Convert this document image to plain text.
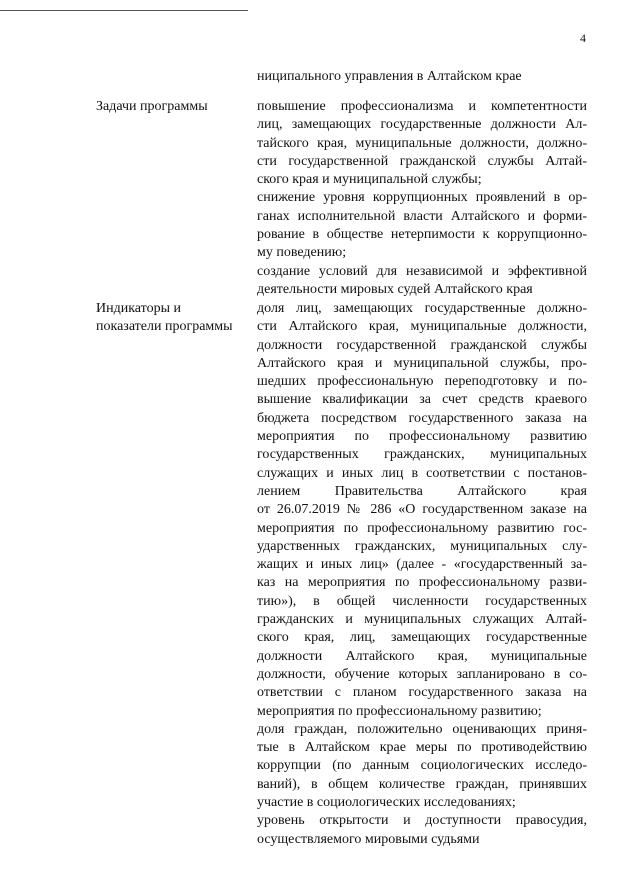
4
ниципального управления в Алтайском крае
Задачи программы	повышение профессионализма и компетентности
лиц, замещающих государственные должности Ал-
тайского края, муниципальные должности, должно-
сти государственной гражданской службы Алтай-
ского края и муниципальной службы;
снижение уровня коррупционных проявлений в ор-
ганах исполнительной власти Алтайского и форми-
рование в обществе нетерпимости к коррупционно-
му поведению;
создание условий для независимой и эффективной
деятельности мировых судей Алтайского края
Индикаторы и
показатели программы
доля лиц, замещающих государственные должно-
сти Алтайского края, муниципальные должности,
должности государственной гражданской службы
Алтайского края и муниципальной службы, про-
шедших профессиональную переподготовку и по-
вышение квалификации за счет средств краевого
бюджета посредством государственного заказа на
мероприятия по профессиональному развитию
государственных гражданских, муниципальных
служащих и иных лиц в соответствии с постанов-
лением Правительства Алтайского края
от 26.07.2019 № 286 «О государственном заказе на
мероприятия по профессиональному развитию гос-
ударственных гражданских, муниципальных слу-
жащих и иных лиц» (далее - «государственный за-
каз на мероприятия по профессиональному разви-
тию»), в общей численности государственных
гражданских и муниципальных служащих Алтай-
ского края, лиц, замещающих государственные
должности Алтайского края, муниципальные
должности, обучение которых запланировано в со-
ответствии с планом государственного заказа на
мероприятия по профессиональному развитию;
доля граждан, положительно оценивающих приня-
тые в Алтайском крае меры по противодействию
коррупции (по данным социологических исследо-
ваний), в общем количестве граждан, принявших
участие в социологических исследованиях;
уровень открытости и доступности правосудия,
осуществляемого мировыми судьями
